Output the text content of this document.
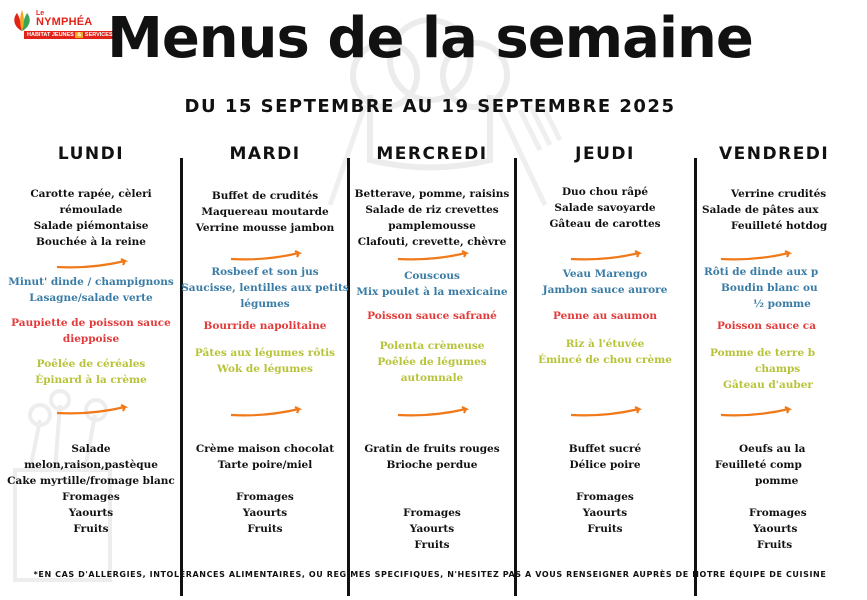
Le
NYMPHÉA
HABITAT JEUNES & SERVICES
Menus de la semaine
DU 15 SEPTEMBRE AU 19 SEPTEMBRE 2025
LUNDI
Carotte rapée, cèleri rémoulade
Salade piémontaise
Bouchée à la reine
Minut' dinde / champignons
Lasagne/salade verte
Paupiette de poisson sauce dieppoise
Poêlée de céréales
Épinard à la crème
Salade melon,raison,pastèque
Cake myrtille/fromage blanc
Fromages
Yaourts
Fruits
MARDI
Buffet de crudités
Maquereau moutarde
Verrine mousse jambon
Rosbeef et son jus
Saucisse, lentilles aux petits légumes
Bourride napolitaine
Pâtes aux légumes rôtis
Wok de légumes
Crème maison chocolat
Tarte poire/miel
Fromages
Yaourts
Fruits
MERCREDI
Betterave, pomme, raisins
Salade de riz crevettes pamplemousse
Clafouti, crevette, chèvre
Couscous
Mix poulet à la mexicaine
Poisson sauce safrané
Polenta crèmeuse
Poêlée de légumes automnale
Gratin de fruits rouges
Brioche perdue
Fromages
Yaourts
Fruits
JEUDI
Duo chou râpé
Salade savoyarde
Gâteau de carottes
Veau Marengo
Jambon sauce aurore
Penne au saumon
Riz à l'étuvée
Émincé de chou crème
Buffet sucré
Délice poire
Fromages
Yaourts
Fruits
VENDREDI
Verrine crudités
Salade de pâtes aux
Feuilleté hotdog
Rôti de dinde aux p
Boudin blanc ou
½ pomme
Poisson sauce ca
Pomme de terre b
champs
Gâteau d'auber
Oeufs au la
Feuilleté comp
pomme
Fromages
Yaourts
Fruits
*EN CAS D'ALLERGIES, INTOLÉRANCES ALIMENTAIRES, OU REGIMES SPECIFIQUES, N'HESITEZ PAS A VOUS RENSEIGNER AUPRÈS DE NOTRE ÉQUIPE DE CUISINE
